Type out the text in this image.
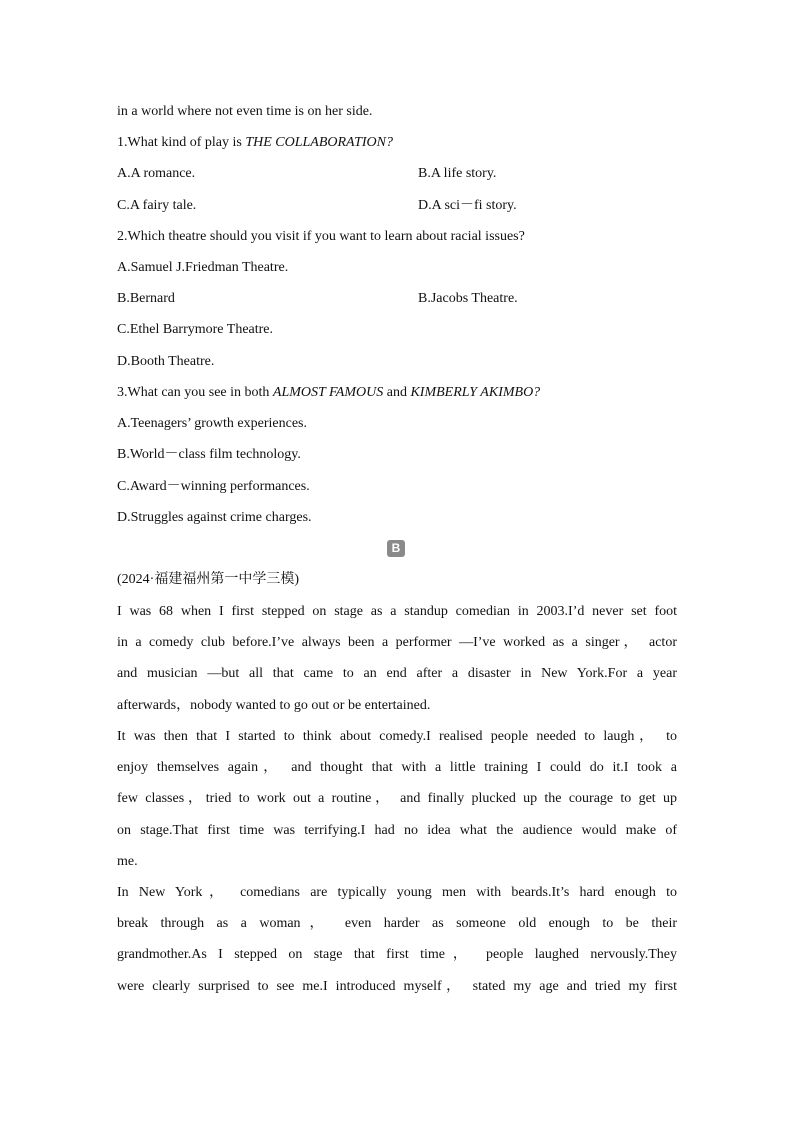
in a world where not even time is on her side.
1.What kind of play is THE COLLABORATION?
A.A romance.	B.A life story.
C.A fairy tale.	D.A sci－fi story.
2.Which theatre should you visit if you want to learn about racial issues?
A.Samuel J.Friedman Theatre.
B.Bernard	B.Jacobs Theatre.
C.Ethel Barrymore Theatre.
D.Booth Theatre.
3.What can you see in both ALMOST FAMOUS and KIMBERLY AKIMBO?
A.Teenagers’ growth experiences.
B.World－class film technology.
C.Award－winning performances.
D.Struggles against crime charges.
B
(2024·福建福州第一中学三模)
I was 68 when I first stepped on stage as a standup comedian in 2003.I’d never set foot
in a comedy club before.I’ve always been a performer —I’ve worked as a singer， actor
and musician —but all that came to an end after a disaster in New York.For a year
afterwards，nobody wanted to go out or be entertained.
It was then that I started to think about comedy.I realised people needed to laugh， to
enjoy themselves again， and thought that with a little training I could do it.I took a
few classes，tried to work out a routine， and finally plucked up the courage to get up
on stage.That first time was terrifying.I had no idea what the audience would make of
me.
In New York， comedians are typically young men with beards.It’s hard enough to
break through as a woman， even harder as someone old enough to be their
grandmother.As I stepped on stage that first time， people laughed nervously.They
were clearly surprised to see me.I introduced myself， stated my age and tried my first
